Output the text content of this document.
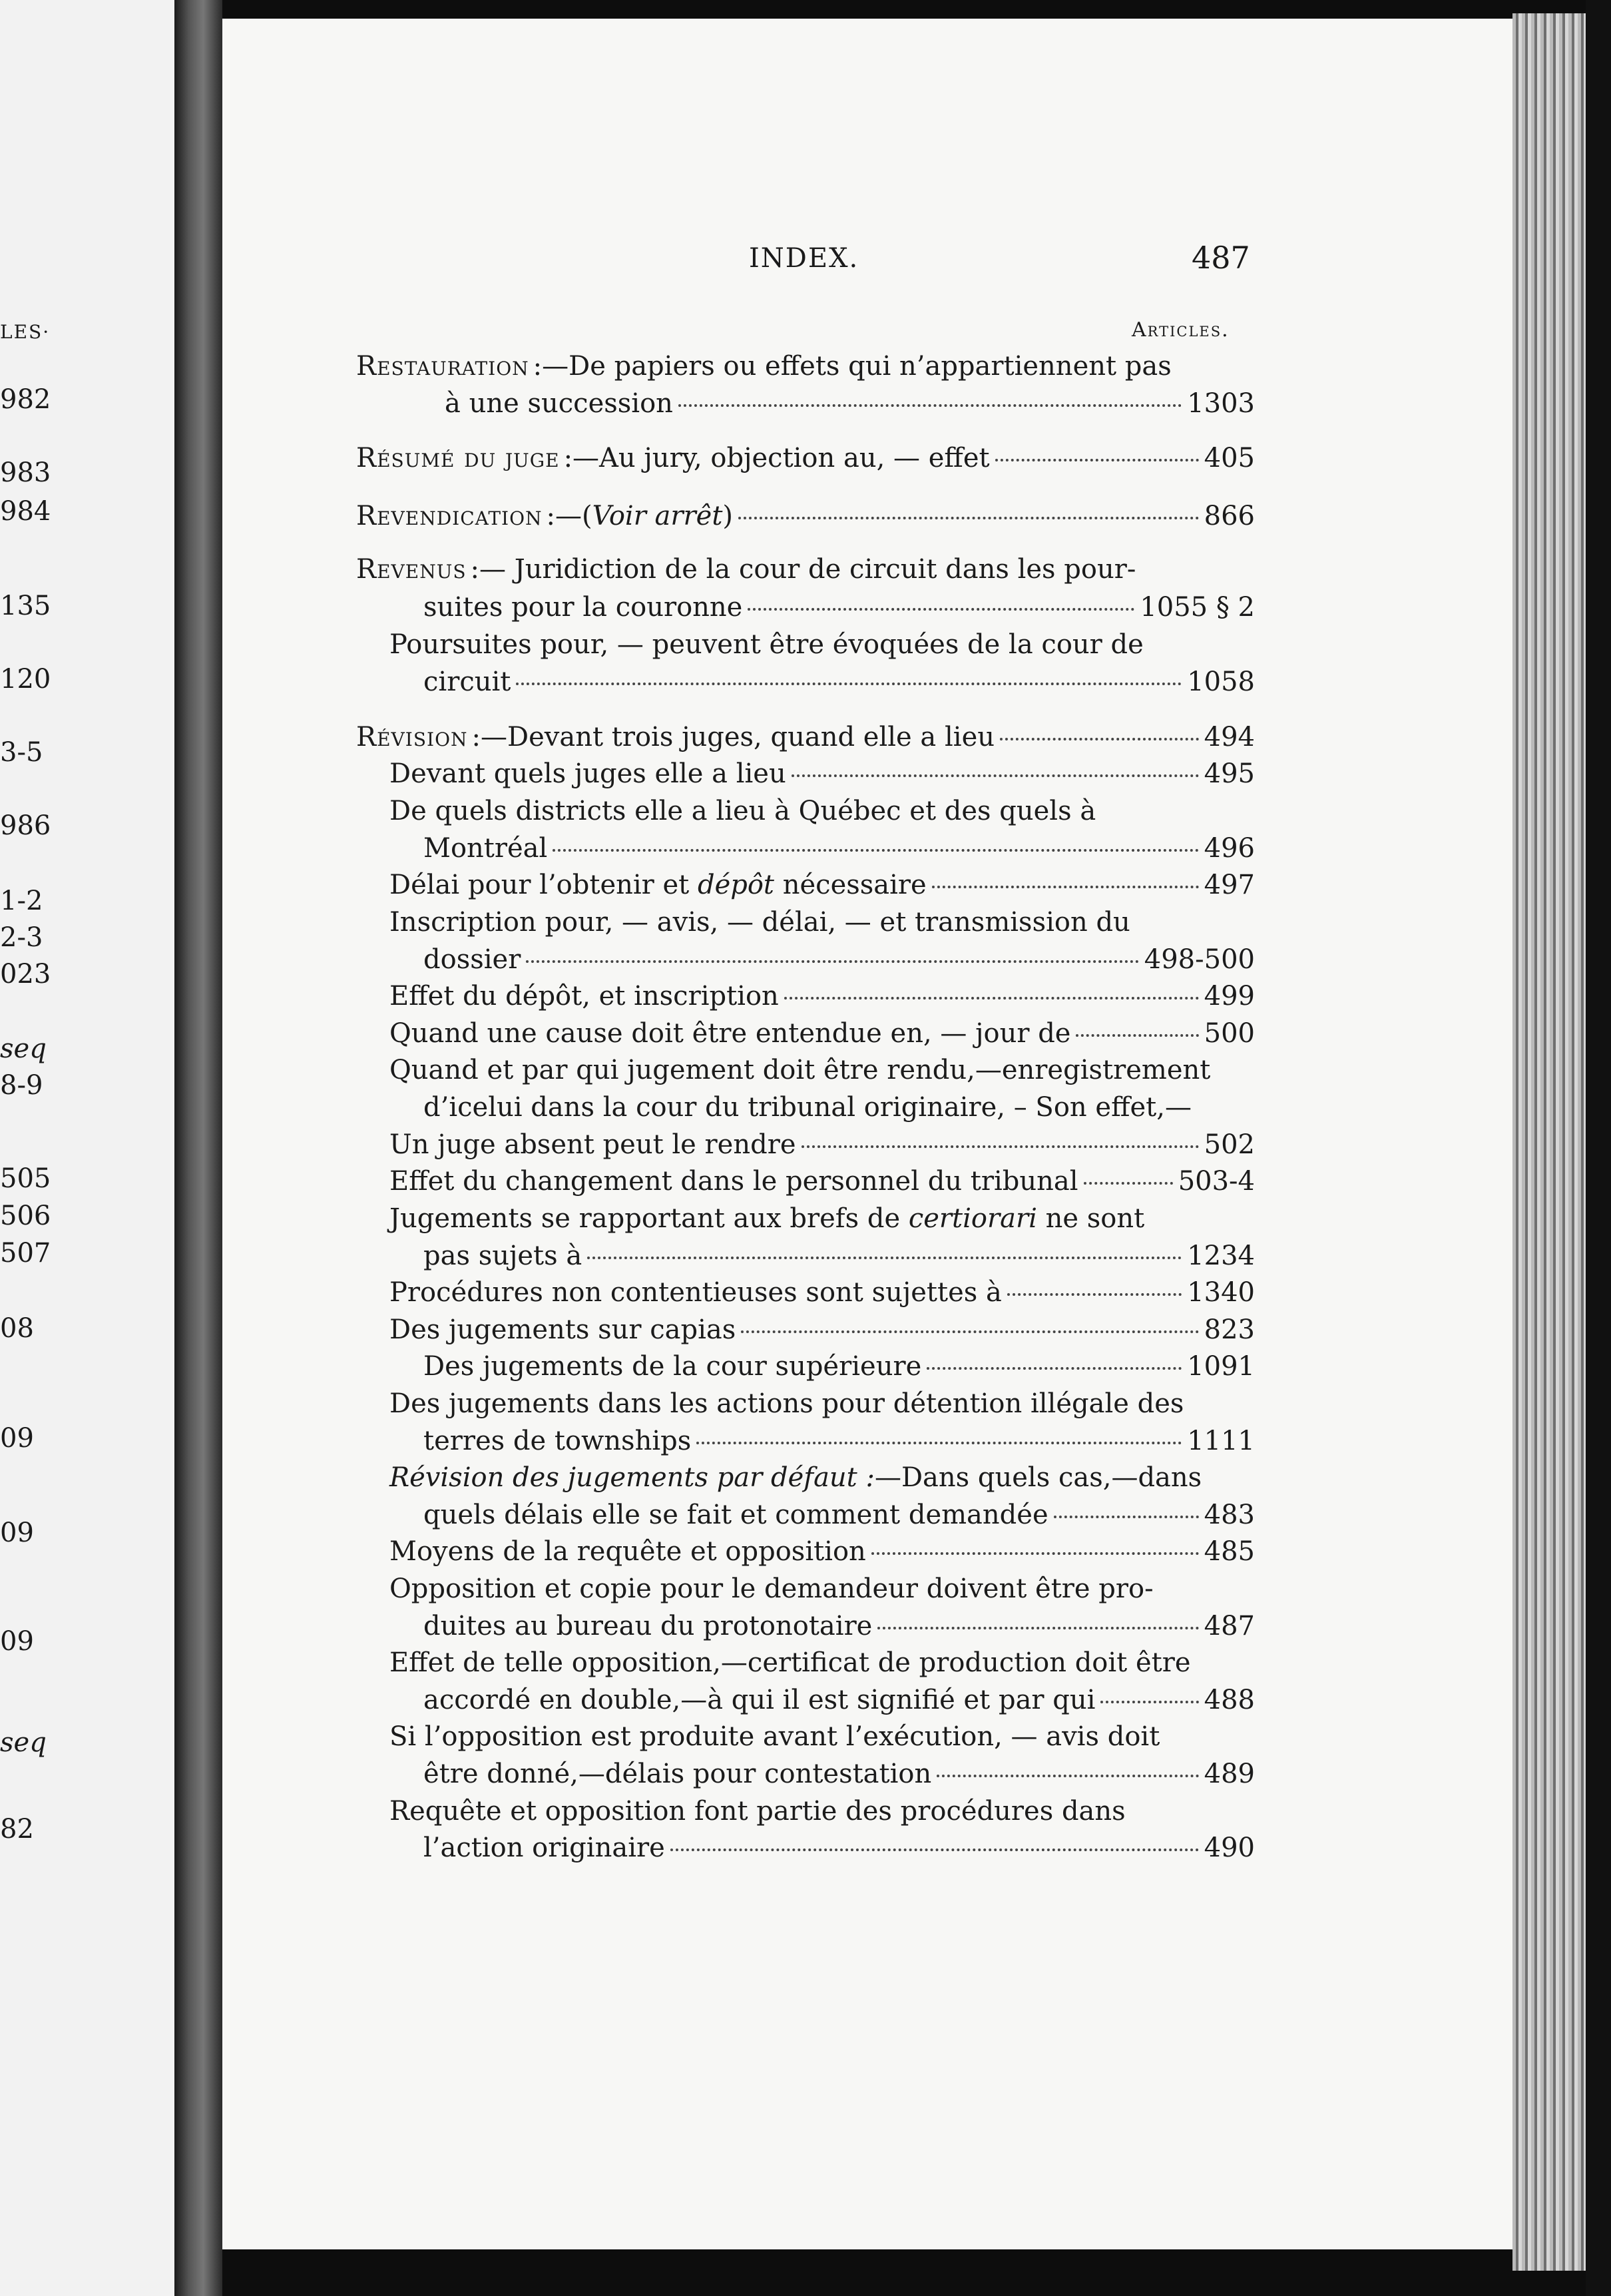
LES·
982
983
984
135
120
3-5
986
1-2
2-3
023
seq
8-9
505
506
507
08
09
09
09
seq
82
INDEX.	487
Articles.
Restauration :—De papiers ou effets qui n’appartiennent pas
à une succession	1303
Résumé du juge :—Au jury, objection au, — effet	405
Revendication :—(Voir arrêt)	866
Revenus :— Juridiction de la cour de circuit dans les pour-
suites pour la couronne	1055 § 2
Poursuites pour, — peuvent être évoquées de la cour de
circuit	1058
Révision :—Devant trois juges, quand elle a lieu	494
Devant quels juges elle a lieu	495
De quels districts elle a lieu à Québec et des quels à
Montréal	496
Délai pour l’obtenir et dépôt nécessaire	497
Inscription pour, — avis, — délai, — et transmission du
dossier	498-500
Effet du dépôt, et inscription	499
Quand une cause doit être entendue en, — jour de	500
Quand et par qui jugement doit être rendu,—enregistrement
d’icelui dans la cour du tribunal originaire, – Son effet,—
Un juge absent peut le rendre	502
Effet du changement dans le personnel du tribunal	503-4
Jugements se rapportant aux brefs de certiorari ne sont
pas sujets à	1234
Procédures non contentieuses sont sujettes à	1340
Des jugements sur capias	823
Des jugements de la cour supérieure	1091
Des jugements dans les actions pour détention illégale des
terres de townships	1111
Révision des jugements par défaut :—Dans quels cas,—dans
quels délais elle se fait et comment demandée	483
Moyens de la requête et opposition	485
Opposition et copie pour le demandeur doivent être pro-
duites au bureau du protonotaire	487
Effet de telle opposition,—certificat de production doit être
accordé en double,—à qui il est signifié et par qui	488
Si l’opposition est produite avant l’exécution, — avis doit
être donné,—délais pour contestation	489
Requête et opposition font partie des procédures dans
l’action originaire	490
